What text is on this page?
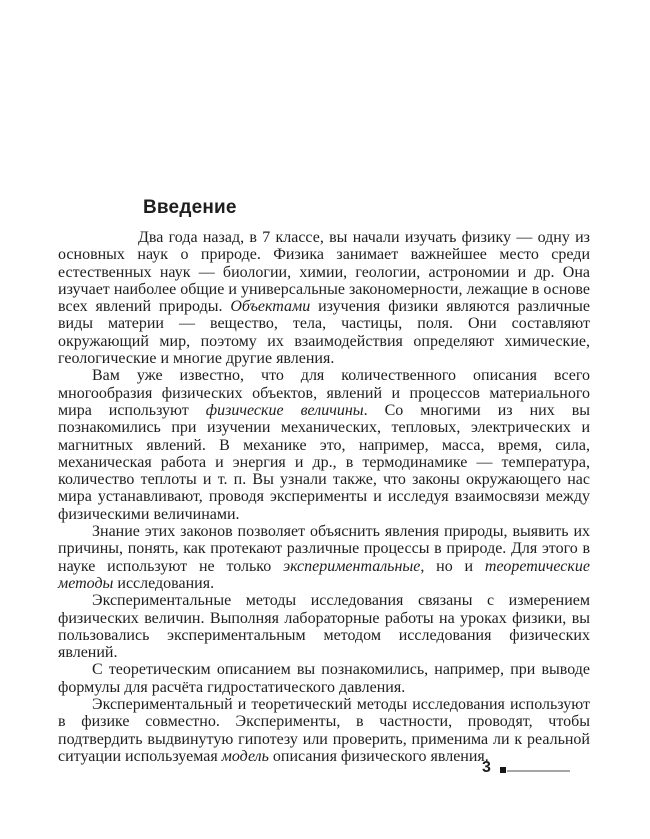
Введение

Два года назад, в 7 классе, вы начали изучать физику — одну из основных наук о природе. Физика занимает важнейшее место среди естественных наук — биологии, химии, геологии, астрономии и др. Она изучает наиболее общие и универсальные закономерности, лежащие в основе всех явлений природы. Объектами изучения физики являются различные виды материи — вещество, тела, частицы, поля. Они составляют окружающий мир, поэтому их взаимодействия определяют химические, геологические и многие другие явления.

Вам уже известно, что для количественного описания всего многообразия физических объектов, явлений и процессов материального мира используют физические величины. Со многими из них вы познакомились при изучении механических, тепловых, электрических и магнитных явлений. В механике это, например, масса, время, сила, механическая работа и энергия и др., в термодинамике — температура, количество теплоты и т. п. Вы узнали также, что законы окружающего нас мира устанавливают, проводя эксперименты и исследуя взаимосвязи между физическими величинами.

Знание этих законов позволяет объяснить явления природы, выявить их причины, понять, как протекают различные процессы в природе. Для этого в науке используют не только экспериментальные, но и теоретические методы исследования.

Экспериментальные методы исследования связаны с измерением физических величин. Выполняя лабораторные работы на уроках физики, вы пользовались экспериментальным методом исследования физических явлений.

С теоретическим описанием вы познакомились, например, при выводе формулы для расчёта гидростатического давления.

Экспериментальный и теоретический методы исследования используют в физике совместно. Эксперименты, в частности, проводят, чтобы подтвердить выдвинутую гипотезу или проверить, применима ли к реальной ситуации используемая модель описания физического явления.

3
